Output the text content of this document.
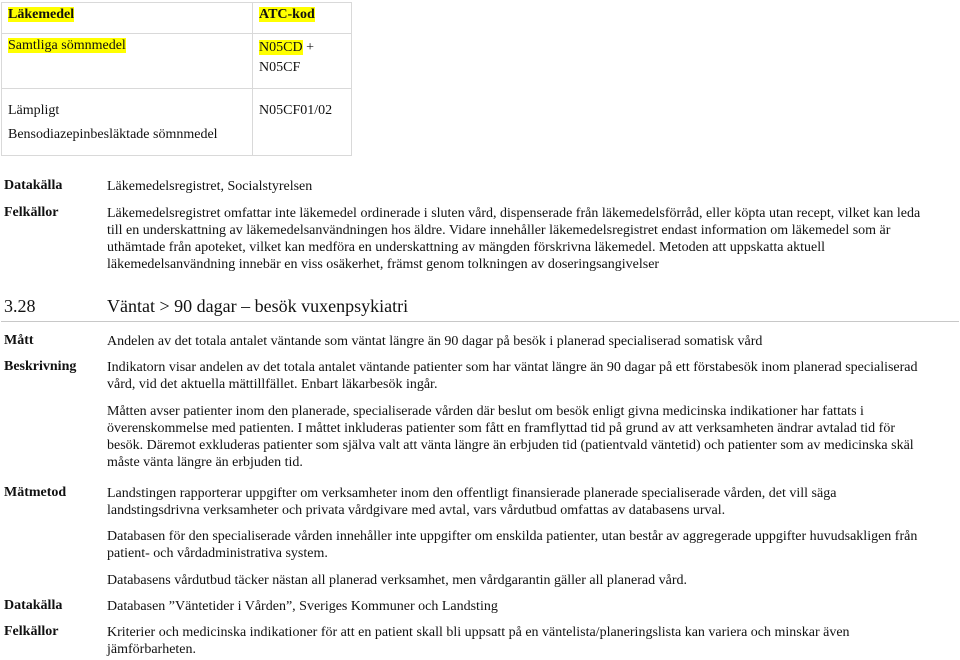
Läkemedel	ATC-kod
Samtliga sömnmedel	N05CD +
N05CF
Lämpligt
Bensodiazepinbesläktade sömnmedel	N05CF01/02
Datakälla	Läkemedelsregistret, Socialstyrelsen
Felkällor	Läkemedelsregistret omfattar inte läkemedel ordinerade i sluten vård, dispenserade från läkemedelsförråd, eller köpta utan recept, vilket kan leda
till en underskattning av läkemedelsanvändningen hos äldre. Vidare innehåller läkemedelsregistret endast information om läkemedel som är
uthämtade från apoteket, vilket kan medföra en underskattning av mängden förskrivna läkemedel. Metoden att uppskatta aktuell
läkemedelsanvändning innebär en viss osäkerhet, främst genom tolkningen av doseringsangivelser
3.28	Väntat > 90 dagar – besök vuxenpsykiatri
Mått	Andelen av det totala antalet väntande som väntat längre än 90 dagar på besök i planerad specialiserad somatisk vård
Beskrivning Indikatorn visar andelen av det totala antalet väntande patienter som har väntat längre än 90 dagar på ett förstabesök inom planerad specialiserad
vård, vid det aktuella mättillfället. Enbart läkarbesök ingår.
Måtten avser patienter inom den planerade, specialiserade vården där beslut om besök enligt givna medicinska indikationer har fattats i
överenskommelse med patienten. I måttet inkluderas patienter som fått en framflyttad tid på grund av att verksamheten ändrar avtalad tid för
besök. Däremot exkluderas patienter som själva valt att vänta längre än erbjuden tid (patientvald väntetid) och patienter som av medicinska skäl
måste vänta längre än erbjuden tid.
Mätmetod	Landstingen rapporterar uppgifter om verksamheter inom den offentligt finansierade planerade specialiserade vården, det vill säga
landstingsdrivna verksamheter och privata vårdgivare med avtal, vars vårdutbud omfattas av databasens urval.
Databasen för den specialiserade vården innehåller inte uppgifter om enskilda patienter, utan består av aggregerade uppgifter huvudsakligen från
patient- och vårdadministrativa system.
Databasens vårdutbud täcker nästan all planerad verksamhet, men vårdgarantin gäller all planerad vård.
Datakälla	Databasen ”Väntetider i Vården”, Sveriges Kommuner och Landsting
Felkällor	Kriterier och medicinska indikationer för att en patient skall bli uppsatt på en väntelista/planeringslista kan variera och minskar även
jämförbarheten.
